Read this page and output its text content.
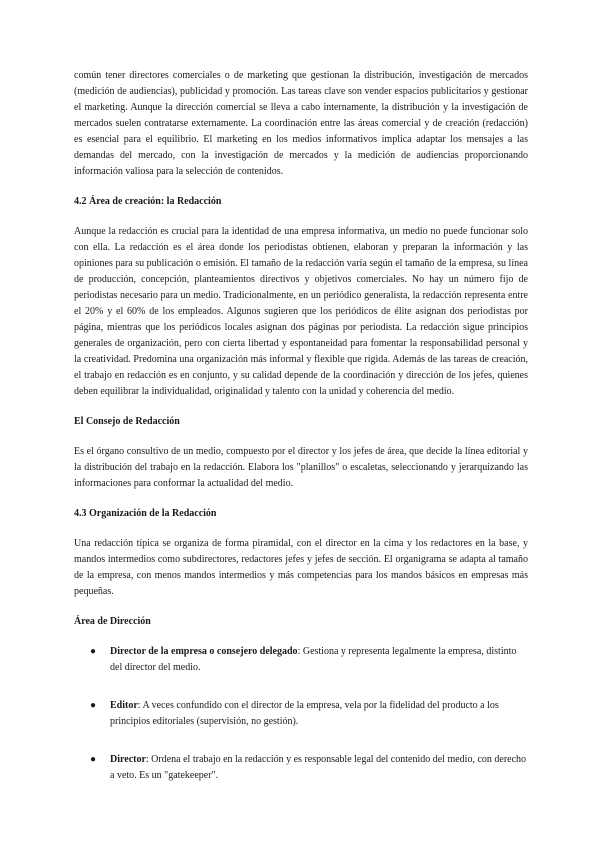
común tener directores comerciales o de marketing que gestionan la distribución, investigación de mercados (medición de audiencias), publicidad y promoción. Las tareas clave son vender espacios publicitarios y gestionar el marketing. Aunque la dirección comercial se lleva a cabo internamente, la distribución y la investigación de mercados suelen contratarse externamente. La coordinación entre las áreas comercial y de creación (redacción) es esencial para el equilibrio. El marketing en los medios informativos implica adaptar los mensajes a las demandas del mercado, con la investigación de mercados y la medición de audiencias proporcionando información valiosa para la selección de contenidos.

4.2 Área de creación: la Redacción

Aunque la redacción es crucial para la identidad de una empresa informativa, un medio no puede funcionar solo con ella. La redacción es el área donde los periodistas obtienen, elaboran y preparan la información y las opiniones para su publicación o emisión. El tamaño de la redacción varía según el tamaño de la empresa, su línea de producción, concepción, planteamientos directivos y objetivos comerciales. No hay un número fijo de periodistas necesario para un medio. Tradicionalmente, en un periódico generalista, la redacción representa entre el 20% y el 60% de los empleados. Algunos sugieren que los periódicos de élite asignan dos periodistas por página, mientras que los periódicos locales asignan dos páginas por periodista. La redacción sigue principios generales de organización, pero con cierta libertad y espontaneidad para fomentar la responsabilidad personal y la creatividad. Predomina una organización más informal y flexible que rígida. Además de las tareas de creación, el trabajo en redacción es en conjunto, y su calidad depende de la coordinación y dirección de los jefes, quienes deben equilibrar la individualidad, originalidad y talento con la unidad y coherencia del medio.

El Consejo de Redacción

Es el órgano consultivo de un medio, compuesto por el director y los jefes de área, que decide la línea editorial y la distribución del trabajo en la redacción. Elabora los "planillos" o escaletas, seleccionando y jerarquizando las informaciones para conformar la actualidad del medio.

4.3 Organización de la Redacción

Una redacción típica se organiza de forma piramidal, con el director en la cima y los redactores en la base, y mandos intermedios como subdirectores, redactores jefes y jefes de sección. El organigrama se adapta al tamaño de la empresa, con menos mandos intermedios y más competencias para los mandos básicos en empresas más pequeñas.

Área de Dirección
● Director de la empresa o consejero delegado: Gestiona y representa legalmente la empresa, distinto del director del medio.

● Editor: A veces confundido con el director de la empresa, vela por la fidelidad del producto a los principios editoriales (supervisión, no gestión).

● Director: Ordena el trabajo en la redacción y es responsable legal del contenido del medio, con derecho a veto. Es un "gatekeeper".
